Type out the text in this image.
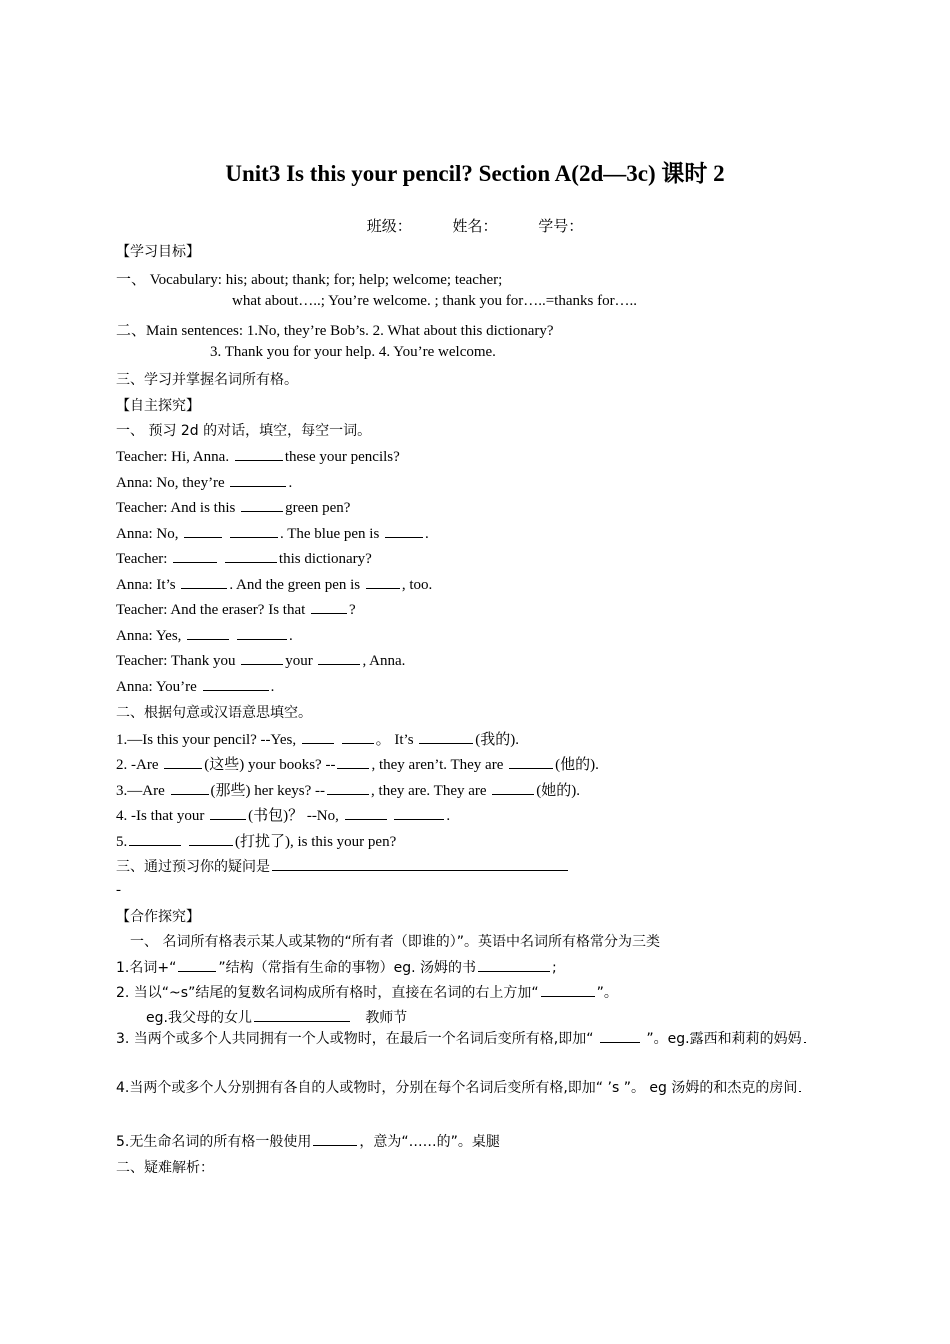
Unit3 Is this your pencil? Section A(2d—3c) 课时 2
班级：	姓名：	学号：
【学习目标】
一、 Vocabulary: his; about; thank; for; help; welcome; teacher;
what about…..; You’re welcome. ; thank you for…..=thanks for…..
二、Main sentences: 1.No, they’re Bob’s. 2. What about this dictionary?
3. Thank you for your help. 4. You’re welcome.
三、学习并掌握名词所有格。
【自主探究】
一、 预习 2d 的对话，填空，每空一词。
Teacher: Hi, Anna.	these your pencils?
Anna: No, they’re	.
Teacher: And is this	green pen?
Anna: No,	. The blue pen is	.
Teacher:	this dictionary?
Anna: It’s	. And the green pen is	, too.
Teacher: And the eraser? Is that	?
Anna: Yes,	.
Teacher: Thank you	your	, Anna.
Anna: You’re	.
二、根据句意或汉语意思填空。
1.—Is this your pencil? --Yes,	。 It’s	(我的).
2. -Are	(这些) your books? -- , they aren’t. They are	(他的).
3.—Are	(那些) her keys? --	, they are. They are	(她的).
4. -Is that your	(书包)？ --No,	.
5.	(打扰了), is this your pen?
三、通过预习你的疑问是
-
【合作探究】
一、 名词所有格表示某人或某物的“所有者（即谁的）”。英语中名词所有格常分为三类
1.名词+“	”结构（常指有生命的事物）eg. 汤姆的书	;
2. 当以“~s”结尾的复数名词构成所有格时，直接在名词的右上方加“	”。
eg.我父母的女儿	教师节
3. 当两个或多个人共同拥有一个人或物时，在最后一个名词后变所有格,即加“	”。eg.露西和莉莉的妈妈
4.当两个或多个人分别拥有各自的人或物时，分别在每个名词后变所有格,即加“ ’s ”。 eg 汤姆的和杰克的房间
5.无生命名词的所有格一般使用	，意为“……的”。桌腿
二、疑难解析：
